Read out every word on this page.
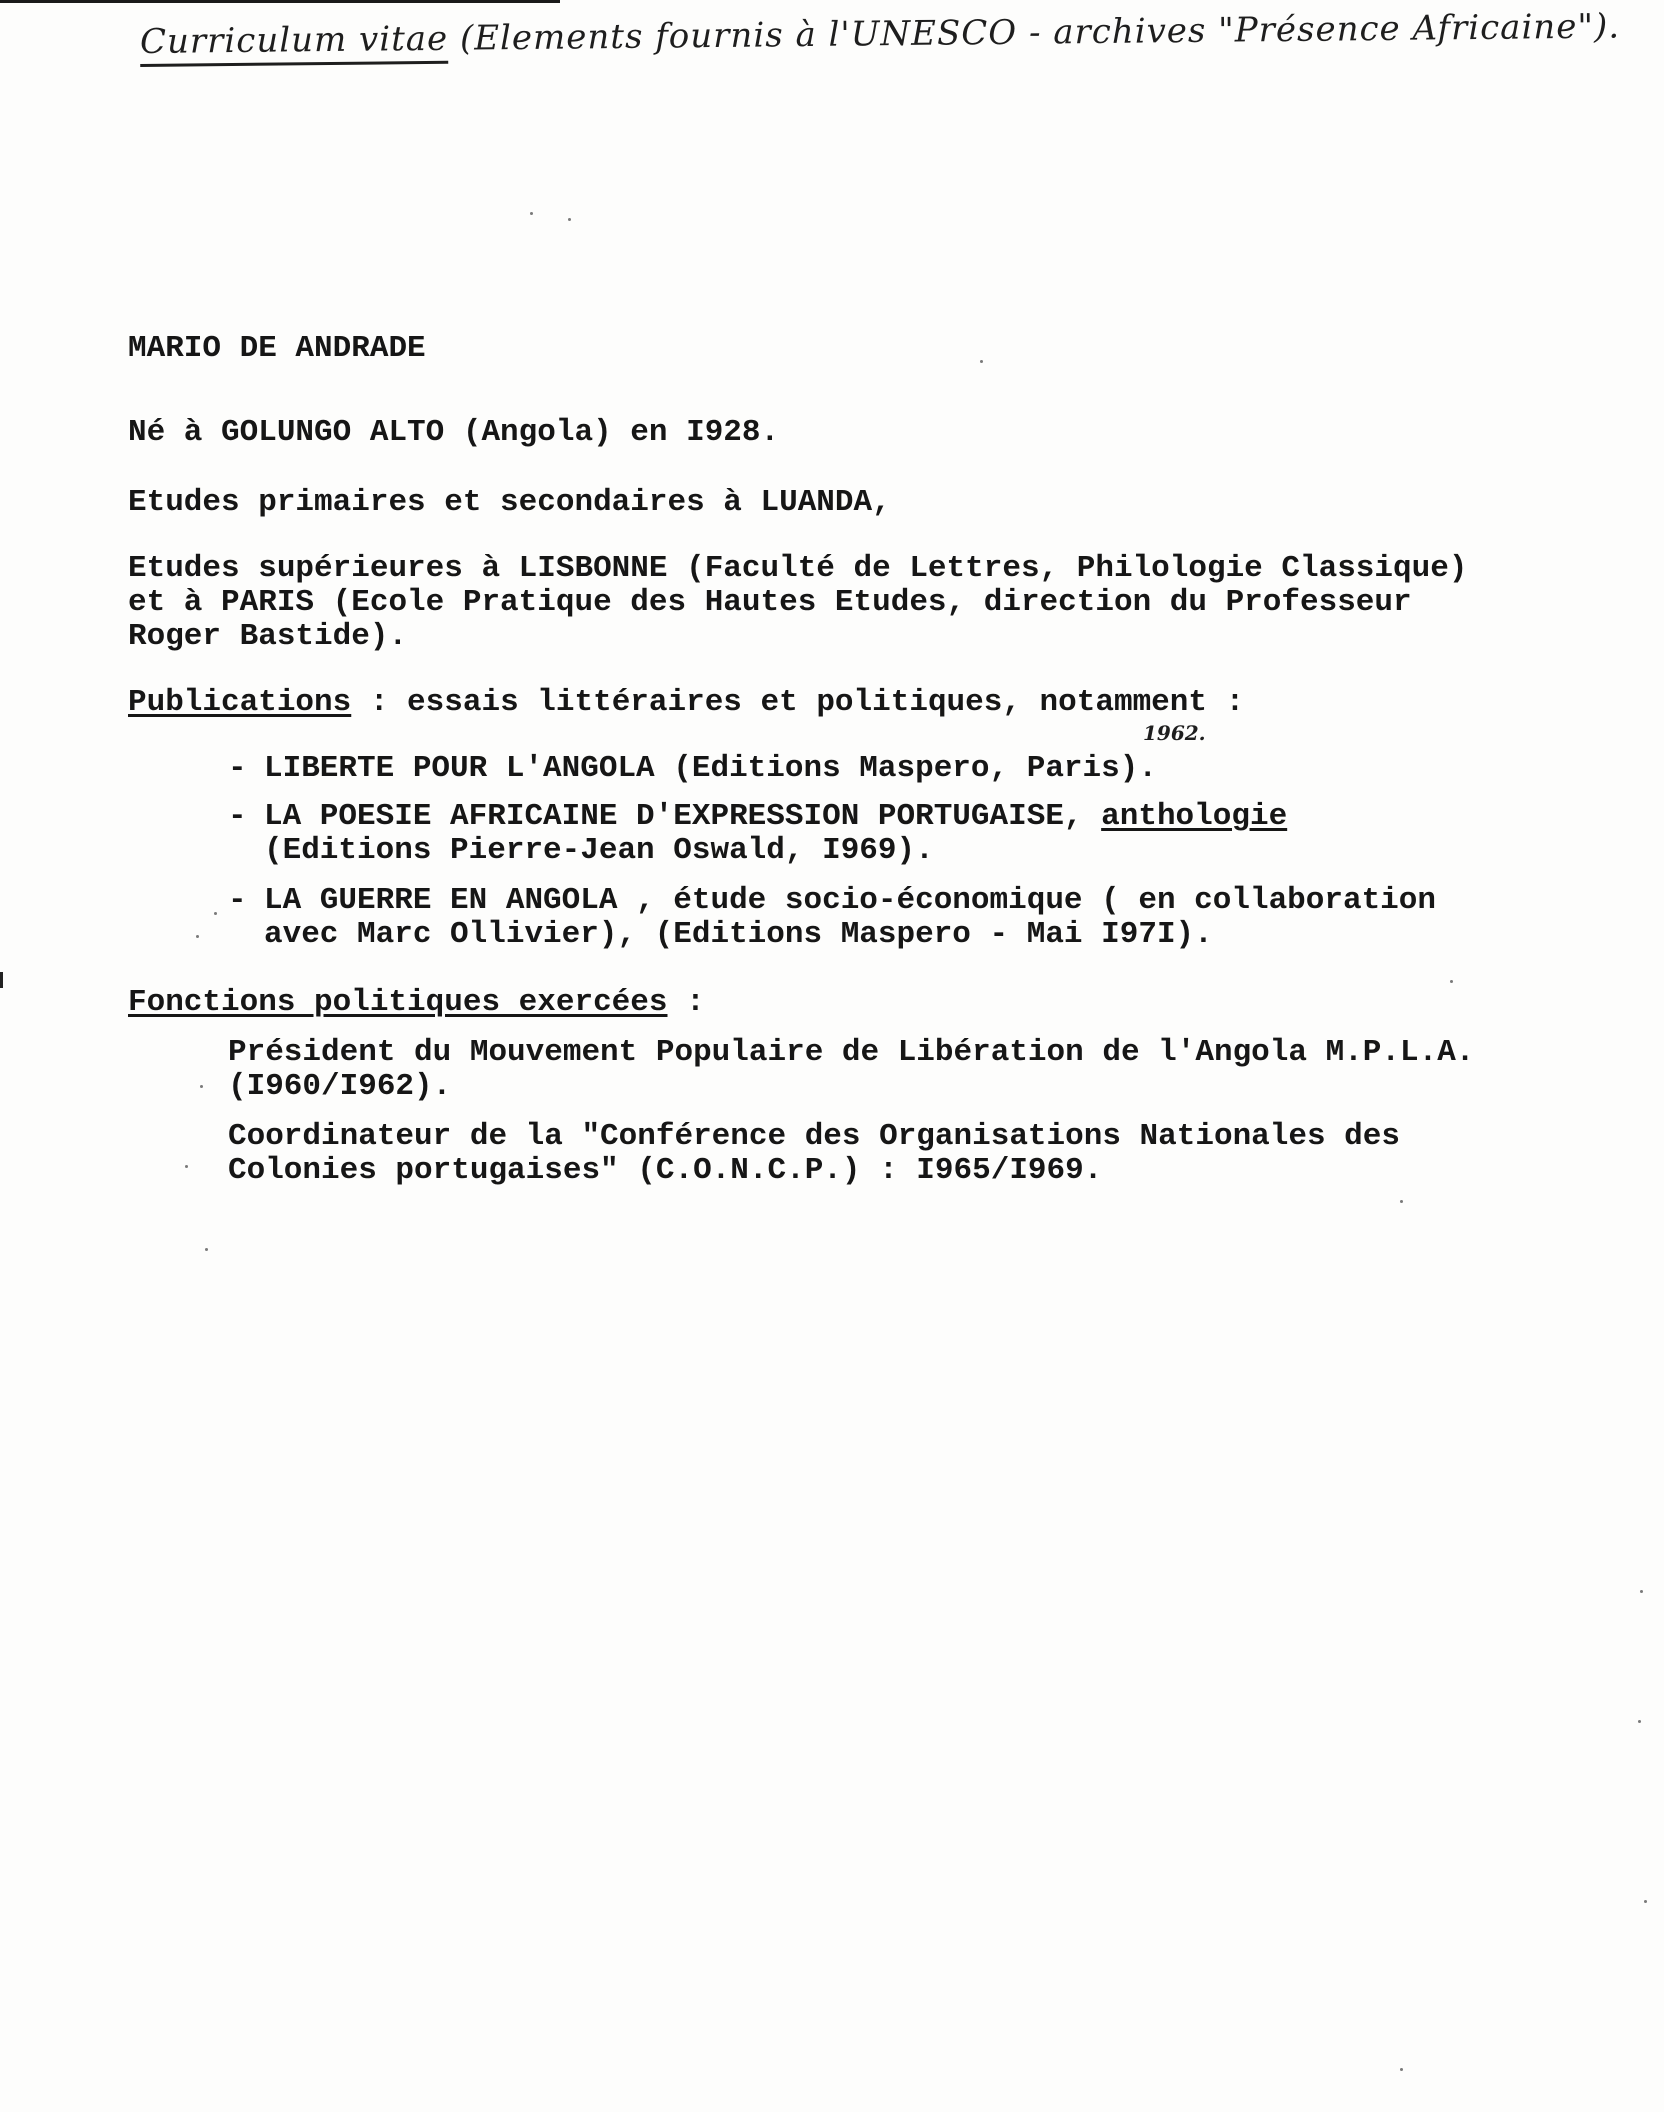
Curriculum vitae (Elements fournis à l'UNESCO - archives "Présence Africaine").
MARIO DE ANDRADE
Né à GOLUNGO ALTO (Angola) en I928.
Etudes primaires et secondaires à LUANDA,
Etudes supérieures à LISBONNE (Faculté de Lettres, Philologie Classique)
et à PARIS (Ecole Pratique des Hautes Etudes, direction du Professeur
Roger Bastide).
Publications : essais littéraires et politiques, notamment :
- LIBERTE POUR L'ANGOLA (Editions Maspero, Paris).
1962.
- LA POESIE AFRICAINE D'EXPRESSION PORTUGAISE, anthologie
(Editions Pierre-Jean Oswald, I969).
- LA GUERRE EN ANGOLA , étude socio-économique ( en collaboration
avec Marc Ollivier), (Editions Maspero - Mai I97I).
Fonctions politiques exercées :
Président du Mouvement Populaire de Libération de l'Angola M.P.L.A.
(I960/I962).
Coordinateur de la "Conférence des Organisations Nationales des
Colonies portugaises" (C.O.N.C.P.) : I965/I969.
